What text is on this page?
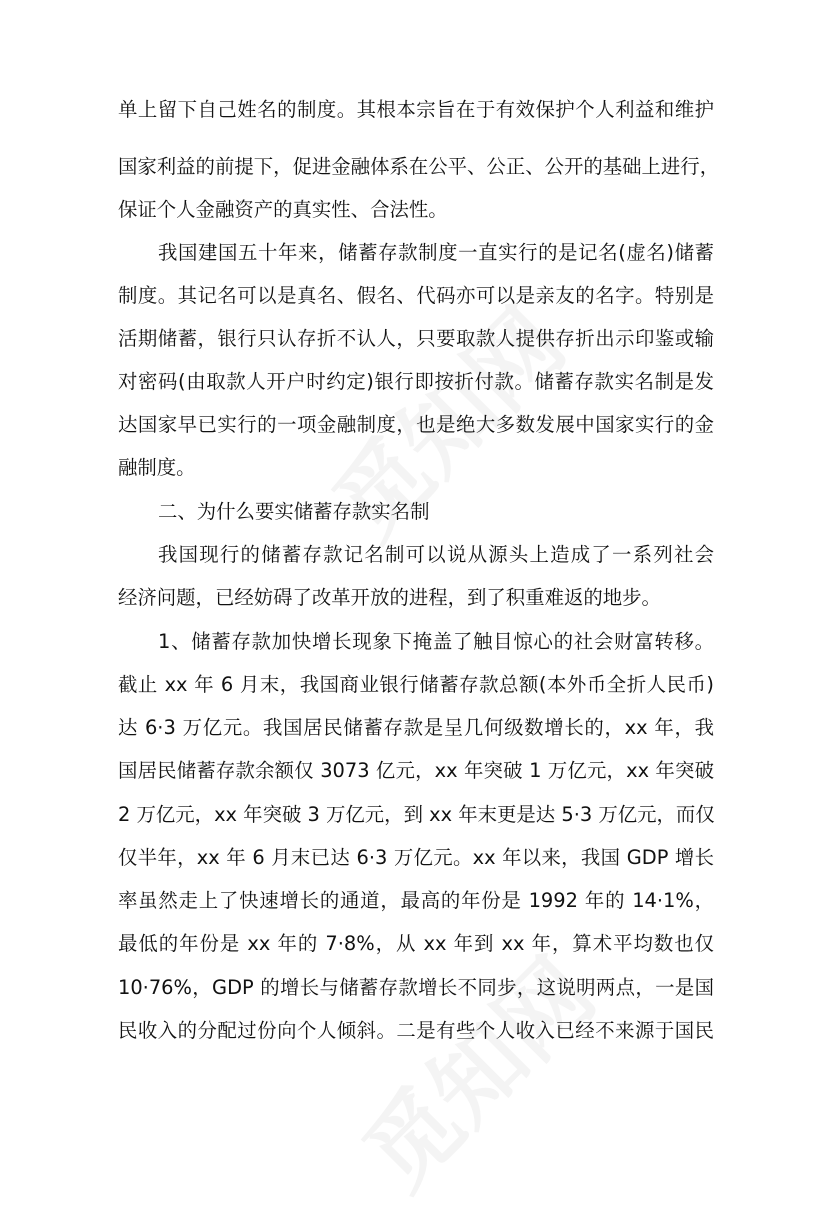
单上留下自己姓名的制度。其根本宗旨在于有效保护个人利益和维护
国家利益的前提下，促进金融体系在公平、公正、公开的基础上进行，
保证个人金融资产的真实性、合法性。
我国建国五十年来，储蓄存款制度一直实行的是记名(虚名)储蓄
制度。其记名可以是真名、假名、代码亦可以是亲友的名字。特别是
活期储蓄，银行只认存折不认人，只要取款人提供存折出示印鉴或输
对密码(由取款人开户时约定)银行即按折付款。储蓄存款实名制是发
达国家早已实行的一项金融制度，也是绝大多数发展中国家实行的金
融制度。
二、为什么要实储蓄存款实名制
我国现行的储蓄存款记名制可以说从源头上造成了一系列社会
经济问题，已经妨碍了改革开放的进程，到了积重难返的地步。
1、储蓄存款加快增长现象下掩盖了触目惊心的社会财富转移。
截止 xx 年 6 月末，我国商业银行储蓄存款总额(本外币全折人民币)
达 6·3 万亿元。我国居民储蓄存款是呈几何级数增长的，xx 年，我
国居民储蓄存款余额仅 3073 亿元，xx 年突破 1 万亿元，xx 年突破
2 万亿元，xx 年突破 3 万亿元，到 xx 年末更是达 5·3 万亿元，而仅
仅半年，xx 年 6 月末已达 6·3 万亿元。xx 年以来，我国 GDP 增长
率虽然走上了快速增长的通道，最高的年份是 1992 年的 14·1%，
最低的年份是 xx 年的 7·8%，从 xx 年到 xx 年，算术平均数也仅
10·76%，GDP 的增长与储蓄存款增长不同步，这说明两点，一是国
民收入的分配过份向个人倾斜。二是有些个人收入已经不来源于国民
